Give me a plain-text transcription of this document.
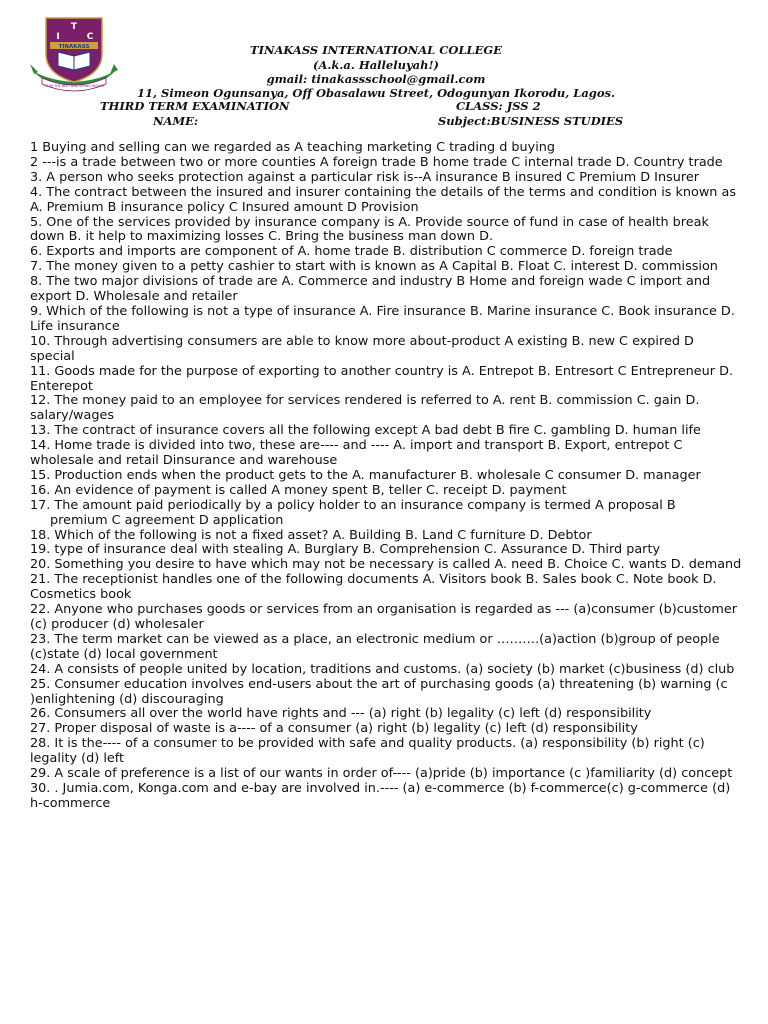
T
I	C
TINAKASS
TO BE THE BEST AND AIMING HIGHER
TINAKASS INTERNATIONAL COLLEGE
(A.k.a. Halleluyah!)
gmail: tinakassschool@gmail.com
11, Simeon Ogunsanya, Off Obasalawu Street, Odogunyan Ikorodu, Lagos.
THIRD TERM EXAMINATION	CLASS: JSS 2
NAME:	Subject:BUSINESS STUDIES
1 Buying and selling can we regarded as A teaching marketing C trading d buying
2 ---is a trade between two or more counties A foreign trade B home trade C internal trade D. Country trade
3. A person who seeks protection against a particular risk is--A insurance B insured C Premium D Insurer
4. The contract between the insured and insurer containing the details of the terms and condition is known as A. Premium B insurance policy C Insured amount D Provision
5. One of the services provided by insurance company is A. Provide source of fund in case of health break down B. it help to maximizing losses C. Bring the business man down D.
6. Exports and imports are component of A. home trade B. distribution C commerce D. foreign trade
7. The money given to a petty cashier to start with is known as A Capital B. Float C. interest D. commission
8. The two major divisions of trade are A. Commerce and industry B Home and foreign wade C import and export D. Wholesale and retailer
9. Which of the following is not a type of insurance A. Fire insurance B. Marine insurance C. Book insurance D. Life insurance
10. Through advertising consumers are able to know more about-product A existing B. new C expired D special
11. Goods made for the purpose of exporting to another country is A. Entrepot B. Entresort C Entrepreneur D. Enterepot
12. The money paid to an employee for services rendered is referred to A. rent B. commission C. gain D. salary/wages
13. The contract of insurance covers all the following except A bad debt B fire C. gambling D. human life
14. Home trade is divided into two, these are---- and ---- A. import and transport B. Export, entrepot C wholesale and retail Dinsurance and warehouse
15. Production ends when the product gets to the A. manufacturer B. wholesale C consumer D. manager
16. An evidence of payment is called A money spent B, teller C. receipt D. payment
17. The amount paid periodically by a policy holder to an insurance company is termed A proposal B
premium C agreement D application
18. Which of the following is not a fixed asset? A. Building B. Land C furniture D. Debtor
19. type of insurance deal with stealing A. Burglary B. Comprehension C. Assurance D. Third party
20. Something you desire to have which may not be necessary is called A. need B. Choice C. wants D. demand
21. The receptionist handles one of the following documents A. Visitors book B. Sales book C. Note book D. Cosmetics book
22. Anyone who purchases goods or services from an organisation is regarded as --- (a)consumer (b)customer (c) producer (d) wholesaler
23. The term market can be viewed as a place, an electronic medium or ……….(a)action (b)group of people (c)state (d) local government
24. A consists of people united by location, traditions and customs. (a) society (b) market (c)business (d) club
25. Consumer education involves end-users about the art of purchasing goods (a) threatening (b) warning (c )enlightening (d) discouraging
26. Consumers all over the world have rights and --- (a) right (b) legality (c) left (d) responsibility
27. Proper disposal of waste is a---- of a consumer (a) right (b) legality (c) left (d) responsibility
28. It is the---- of a consumer to be provided with safe and quality products. (a) responsibility (b) right (c) legality (d) left
29. A scale of preference is a list of our wants in order of---- (a)pride (b) importance (c )familiarity (d) concept
30. . Jumia.com, Konga.com and e-bay are involved in.---- (a) e-commerce (b) f-commerce(c) g-commerce (d) h-commerce
